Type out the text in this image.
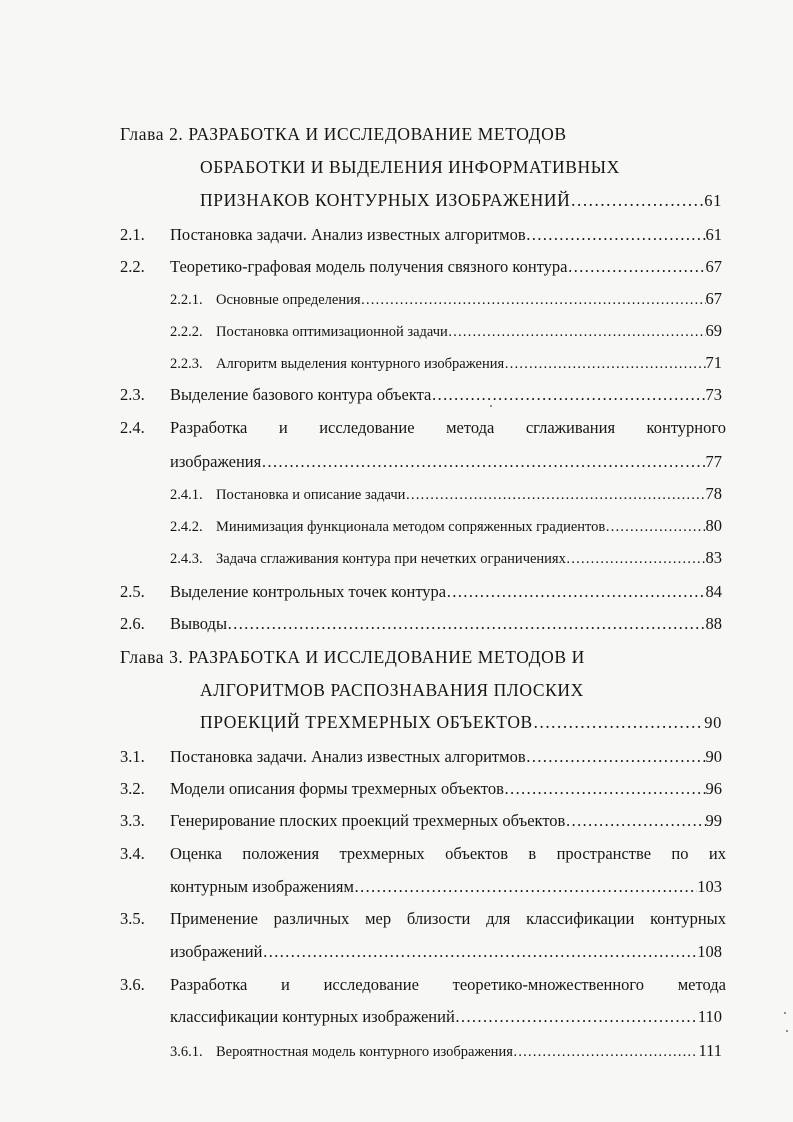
Глава 2. РАЗРАБОТКА И ИССЛЕДОВАНИЕ МЕТОДОВ
ОБРАБОТКИ И ВЫДЕЛЕНИЯ ИНФОРМАТИВНЫХ
ПРИЗНАКОВ КОНТУРНЫХ ИЗОБРАЖЕНИЙ …………………………………………………………………………………………………………………………………………………………………………………………………………	61
2.1.	Постановка задачи. Анализ известных алгоритмов …………………………………………………………………………………………………………………………………………………………………………………………………………	61
2.2.	Теоретико-графовая модель получения связного контура …………………………………………………………………………………………………………………………………………………………………………………………………………	67
2.2.1. Основные определения …………………………………………………………………………………………………………………………………………………………………………………………………………	67
2.2.2. Постановка оптимизационной задачи …………………………………………………………………………………………………………………………………………………………………………………………………………	69
2.2.3. Алгоритм выделения контурного изображения …………………………………………………………………………………………………………………………………………………………………………………………………………	71
2.3.	Выделение базового контура объекта …………………………………………………………………………………………………………………………………………………………………………………………………………	73
2.4.	Разработка и исследование метода сглаживания контурного
изображения …………………………………………………………………………………………………………………………………………………………………………………………………………	77
2.4.1. Постановка и описание задачи …………………………………………………………………………………………………………………………………………………………………………………………………………	78
2.4.2. Минимизация функционала методом сопряженных градиентов …………………………………………………………………………………………………………………………………………………………………………………………………………	80
2.4.3. Задача сглаживания контура при нечетких ограничениях …………………………………………………………………………………………………………………………………………………………………………………………………………	83
2.5.	Выделение контрольных точек контура …………………………………………………………………………………………………………………………………………………………………………………………………………	84
2.6.	Выводы …………………………………………………………………………………………………………………………………………………………………………………………………………	88
Глава 3. РАЗРАБОТКА И ИССЛЕДОВАНИЕ МЕТОДОВ И
АЛГОРИТМОВ РАСПОЗНАВАНИЯ ПЛОСКИХ
ПРОЕКЦИЙ ТРЕХМЕРНЫХ ОБЪЕКТОВ …………………………………………………………………………………………………………………………………………………………………………………………………………	90
3.1.	Постановка задачи. Анализ известных алгоритмов …………………………………………………………………………………………………………………………………………………………………………………………………………	90
3.2.	Модели описания формы трехмерных объектов …………………………………………………………………………………………………………………………………………………………………………………………………………	96
3.3.	Генерирование плоских проекций трехмерных объектов …………………………………………………………………………………………………………………………………………………………………………………………………………	99
3.4.	Оценка положения трехмерных объектов в пространстве по их
контурным изображениям …………………………………………………………………………………………………………………………………………………………………………………………………………	103
3.5.	Применение различных мер близости для классификации контурных
изображений …………………………………………………………………………………………………………………………………………………………………………………………………………	108
3.6.	Разработка и исследование теоретико-множественного метода
классификации контурных изображений …………………………………………………………………………………………………………………………………………………………………………………………………………	110
3.6.1. Вероятностная модель контурного изображения …………………………………………………………………………………………………………………………………………………………………………………………………………	111
